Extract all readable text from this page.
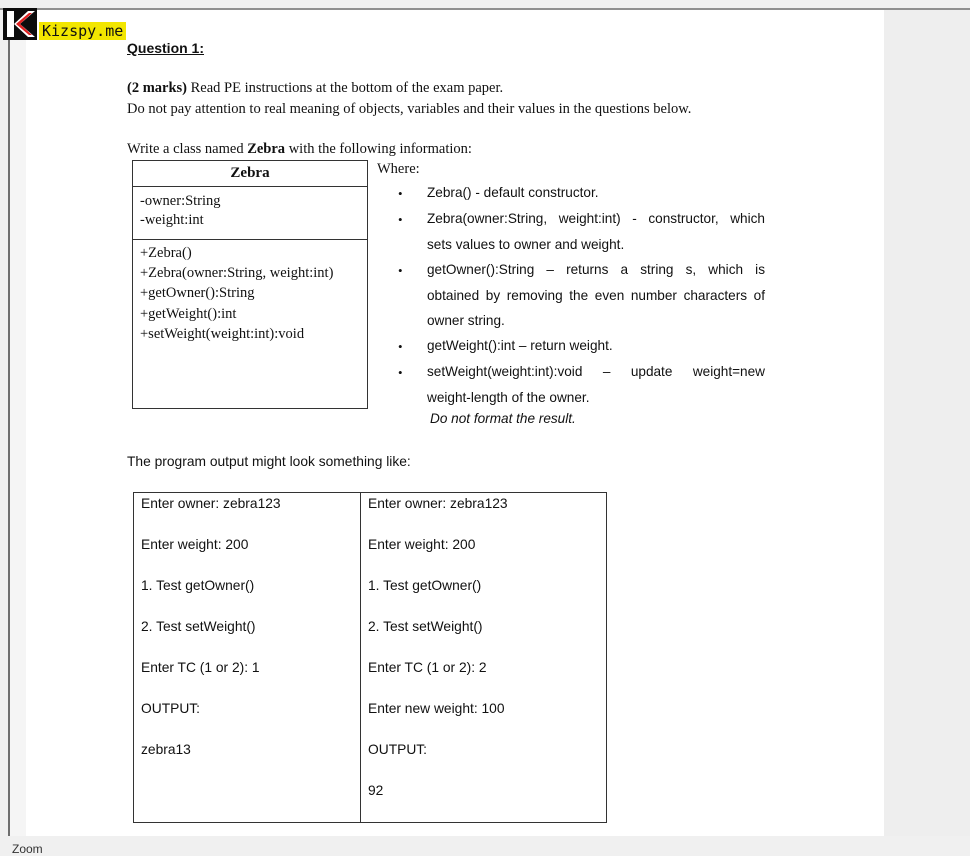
Kizspy.me
Question 1:
(2 marks) Read PE instructions at the bottom of the exam paper.
Do not pay attention to real meaning of objects, variables and their values in the questions below.
Write a class named Zebra with the following information:
Zebra
-owner:String
-weight:int
+Zebra()
+Zebra(owner:String, weight:int)
+getOwner():String
+getWeight():int
+setWeight(weight:int):void
Where:
•	Zebra() - default constructor.
•	Zebra(owner:String, weight:int) - constructor, which
sets values to owner and weight.
•	getOwner():String – returns a string s, which is
obtained by removing the even number characters of
owner string.
•	getWeight():int – return weight.
•	setWeight(weight:int):void – update weight=new
weight-length of the owner.
Do not format the result.
The program output might look something like:
Enter owner: zebra123
Enter weight: 200
1. Test getOwner()
2. Test setWeight()
Enter TC (1 or 2): 1
OUTPUT:
zebra13
Enter owner: zebra123
Enter weight: 200
1. Test getOwner()
2. Test setWeight()
Enter TC (1 or 2): 2
Enter new weight: 100
OUTPUT:
92
Zoom
